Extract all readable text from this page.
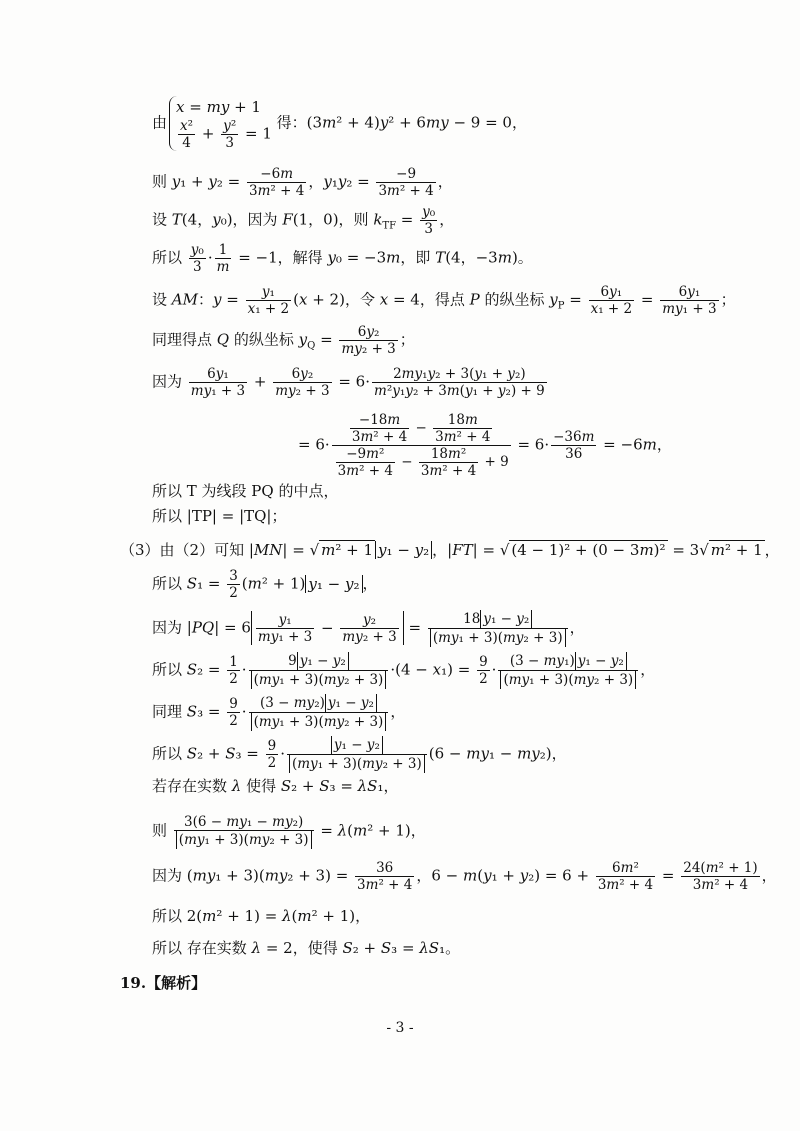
由
x = my + 1
$\frac{\text{x²}}{4} + \frac{\text{y²}}{3} = 1$
得：(3m² + 4)y² + 6my − 9 = 0，
则 $y_1 + y_2 = \frac{-6m}{\text{3m² + 4}}$ ，$y_1y_2 = \frac{-9}{\text{3m² + 4}}$ ，
设 T(4，y₀)，因为 F(1，0)，则 $k_{TF} = \frac{\text{y₀}}{3}$ ，
所以 $\frac{\text{y₀}}{3} \cdot \frac{1}{m} = -1$，解得 y₀ = −3m，即 T(4，−3m)。
设 AM：$y = \frac{\text{y₁}}{\text{x₁ + 2}} (x + 2)$，令 x = 4，得点 P 的纵坐标 $y_P = \frac{\text{6y₁}}{\text{x₁ + 2}} = \frac{\text{6y₁}}{\text{my₁ + 3}}$ ；
同理得点 Q 的纵坐标 $y_Q = \frac{\text{6y₂}}{\text{my₂ + 3}}$ ；
因为 $\frac{\text{6y₁}}{\text{my₁ + 3}} + \frac{\text{6y₂}}{\text{my₂ + 3}} = 6\cdot \frac{\text{2my₁y₂ + 3(y₁ + y₂)}}{\text{m²y₁y₂ + 3m(y₁ + y₂) + 9}}$
= $6\cdot \frac{\frac{-18m}{\text{3m² + 4}} - \frac{18m}{\text{3m² + 4}}}{\frac{\text{−9m²}}{\text{3m² + 4}} - \frac{\text{18m²}}{\text{3m² + 4}} + 9} = 6\cdot \frac{-36m}{36} = -6m$，
所以 T 为线段 PQ 的中点，
所以 |TP| = |TQ|；
（3）由（2）可知 |MN| = √ m² + 1 y₁ − y₂ ，|FT| = √ (4 − 1)² + (0 − 3m)² = 3√ m² + 1 ，
所以 $S_1 = \frac{3}{2} (m^2 + 1) y_1 - y_2$ ，
因为 $|PQ| = 6 \frac{\text{y₁}}{\text{my₁ + 3}} - \frac{\text{y₂}}{\text{my₂ + 3}} = \frac{\text{18 y₁ − y₂}}{\text{(my₁ + 3)(my₂ + 3)}}$ ，
所以 $S_2 = \frac{1}{2} \cdot \frac{\text{9 y₁ − y₂}}{\text{(my₁ + 3)(my₂ + 3)}} \cdot(4 - x_1) = \frac{9}{2} \cdot \frac{\text{(3 − my₁) y₁ − y₂}}{\text{(my₁ + 3)(my₂ + 3)}}$ ，
同理 $S_3 = \frac{9}{2} \cdot \frac{\text{(3 − my₂) y₁ − y₂}}{\text{(my₁ + 3)(my₂ + 3)}}$ ，
所以 $S_2 + S_3 = \frac{9}{2} \cdot \frac{\text{y₁ − y₂}}{\text{(my₁ + 3)(my₂ + 3)}} (6 - my_1 - my_2)$，
若存在实数 λ 使得 S₂ + S₃ = λS₁，
则 $\frac{\text{3(6 − my₁ − my₂)}}{\text{(my₁ + 3)(my₂ + 3)}} = \lambda(m^2 + 1)$，
因为 $(my_1 + 3)(my_2 + 3) = \frac{36}{\text{3m² + 4}}$ ，$6 - m(y_1 + y_2) = 6 + \frac{\text{6m²}}{\text{3m² + 4}} = \frac{\text{24(m² + 1)}}{\text{3m² + 4}}$ ，
所以 2(m² + 1) = λ(m² + 1)，
所以 存在实数 λ = 2，使得 S₂ + S₃ = λS₁。
19.【解析】
- 3 -
